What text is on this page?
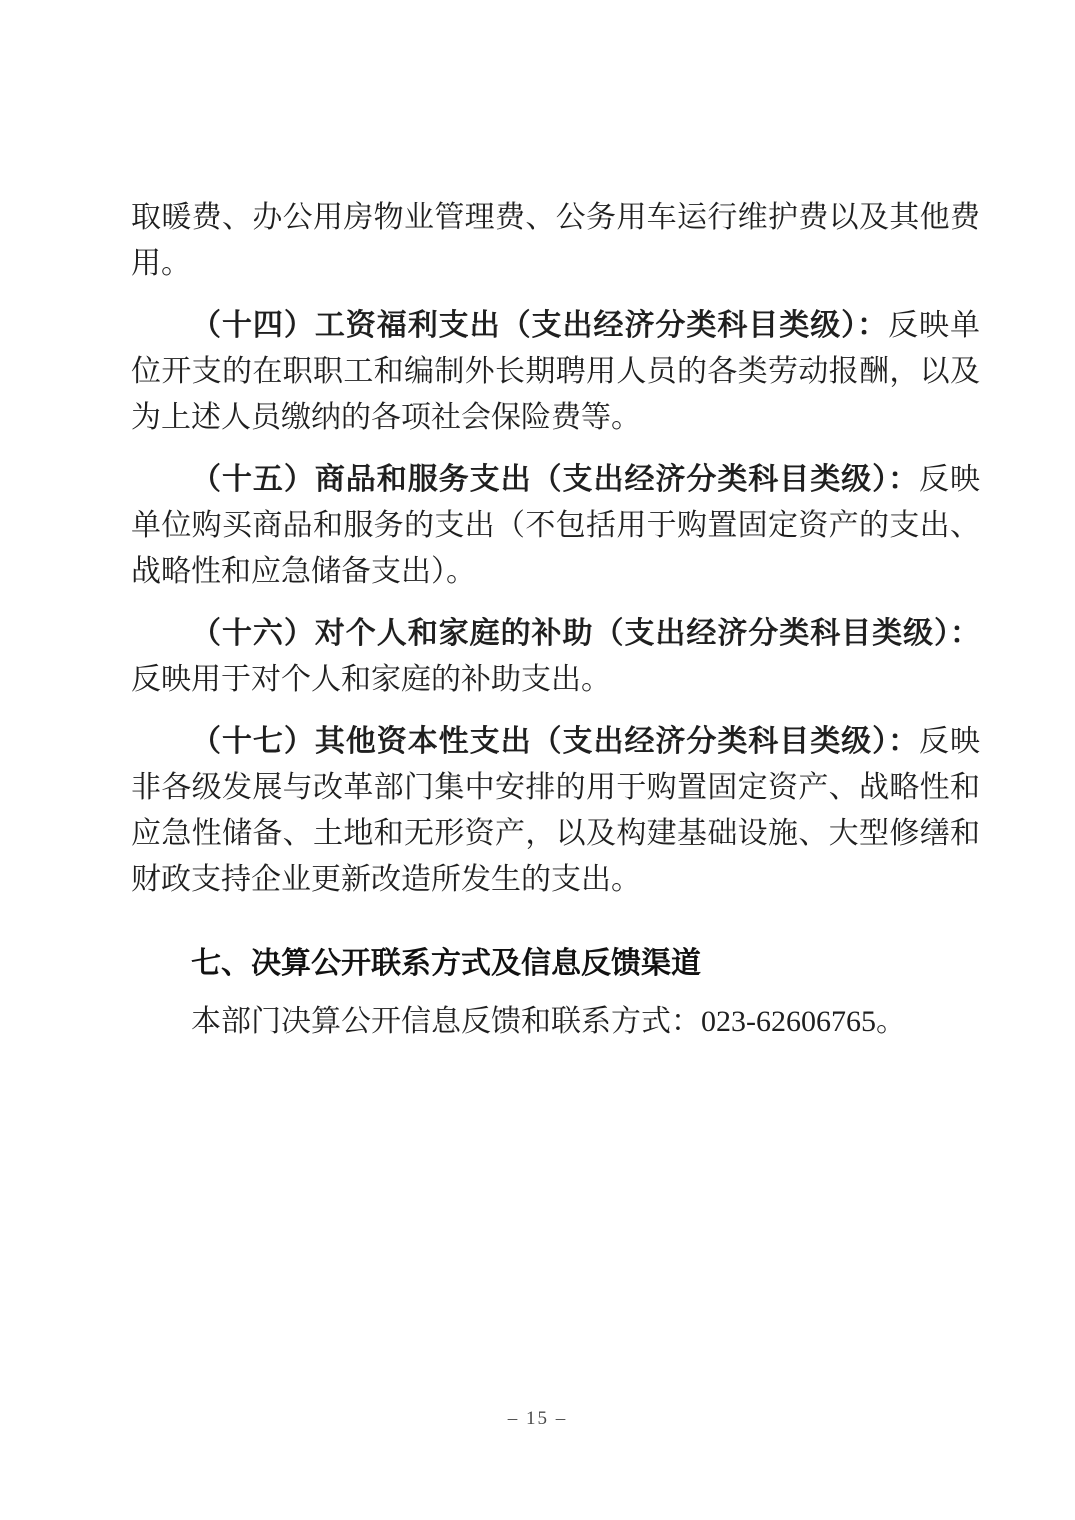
取暖费、办公用房物业管理费、公务用车运行维护费以及其他费用。

（十四）工资福利支出（支出经济分类科目类级）：反映单位开支的在职职工和编制外长期聘用人员的各类劳动报酬，以及为上述人员缴纳的各项社会保险费等。

（十五）商品和服务支出（支出经济分类科目类级）：反映单位购买商品和服务的支出（不包括用于购置固定资产的支出、战略性和应急储备支出）。

（十六）对个人和家庭的补助（支出经济分类科目类级）：反映用于对个人和家庭的补助支出。

（十七）其他资本性支出（支出经济分类科目类级）：反映非各级发展与改革部门集中安排的用于购置固定资产、战略性和应急性储备、土地和无形资产，以及构建基础设施、大型修缮和财政支持企业更新改造所发生的支出。

七、决算公开联系方式及信息反馈渠道

本部门决算公开信息反馈和联系方式：023-62606765。

– 15 –
